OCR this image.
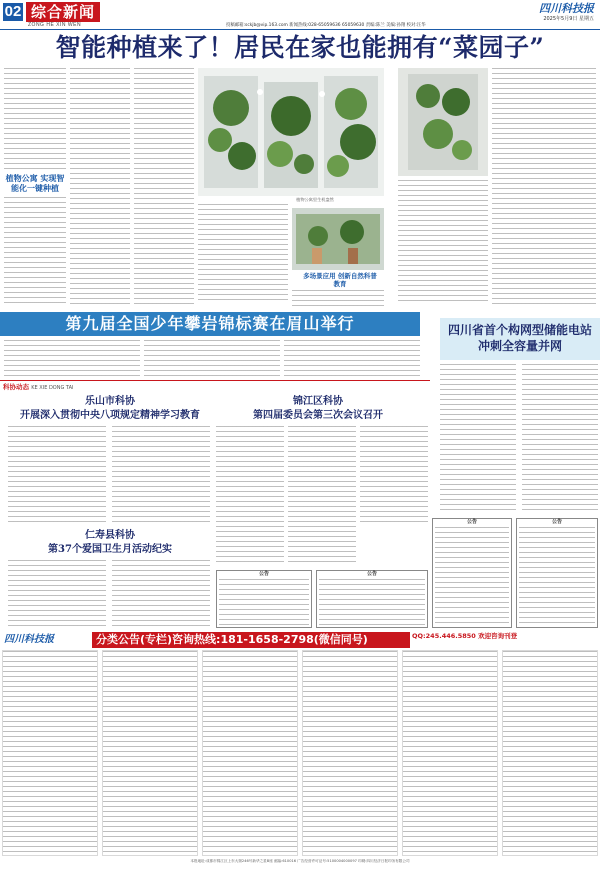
02 综合新闻
ZONG HE XIN WEN
四川科技报
2025年5月9日 星期五
投稿邮箱:sckjb@vip.163.com 新闻热线:028-65059636 65059630 责编:陈兰 美编:孙翔 校对:汪华
智能种植来了！居民在家也能拥有“菜园子”
植物公寓 实现智能化一键种植
植物公寓里生机盎然
多场景应用 创新自然科普教育
第九届全国少年攀岩锦标赛在眉山举行	四川省首个构网型储能电站
冲刺全容量并网
科协动态 KE XIE DONG TAI
乐山市科协
开展深入贯彻中央八项规定精神学习教育
锦江区科协
第四届委员会第三次会议召开
仁寿县科协
第37个爱国卫生月活动纪实
公告	公告
公告	公告
四川科技报	分类公告(专栏)咨询热线:181-1658-2798(微信同号)	QQ:245.446.5850 欢迎咨询刊登
本报地址:成都市锦江区上东大街246号新华之星B座 邮编:610016 广告经营许可证号:5100004000097 印刷:四川经济日报印务有限公司
